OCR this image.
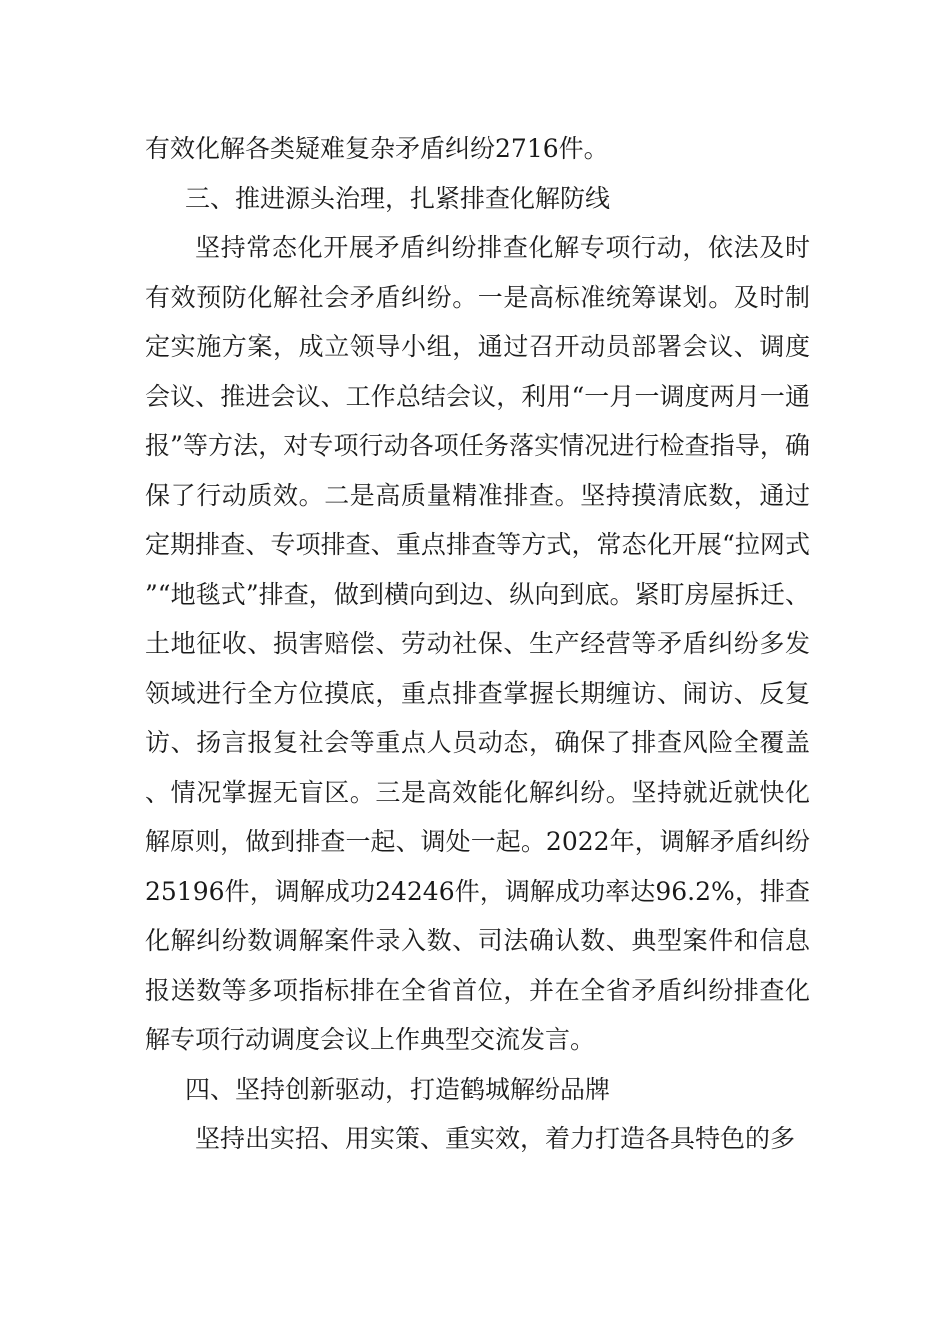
有效化解各类疑难复杂矛盾纠纷2716件。

三、推进源头治理，扎紧排查化解防线

坚持常态化开展矛盾纠纷排查化解专项行动，依法及时有效预防化解社会矛盾纠纷。一是高标准统筹谋划。及时制定实施方案，成立领导小组，通过召开动员部署会议、调度会议、推进会议、工作总结会议，利用“一月一调度两月一通报”等方法，对专项行动各项任务落实情况进行检查指导，确保了行动质效。二是高质量精准排查。坚持摸清底数，通过定期排查、专项排查、重点排查等方式，常态化开展“拉网式”“地毯式”排查，做到横向到边、纵向到底。紧盯房屋拆迁、土地征收、损害赔偿、劳动社保、生产经营等矛盾纠纷多发领域进行全方位摸底，重点排查掌握长期缠访、闹访、反复访、扬言报复社会等重点人员动态，确保了排查风险全覆盖、情况掌握无盲区。三是高效能化解纠纷。坚持就近就快化解原则，做到排查一起、调处一起。2022年，调解矛盾纠纷25196件，调解成功24246件，调解成功率达96.2%，排查化解纠纷数调解案件录入数、司法确认数、典型案件和信息报送数等多项指标排在全省首位，并在全省矛盾纠纷排查化解专项行动调度会议上作典型交流发言。

四、坚持创新驱动，打造鹤城解纷品牌

坚持出实招、用实策、重实效，着力打造各具特色的多
